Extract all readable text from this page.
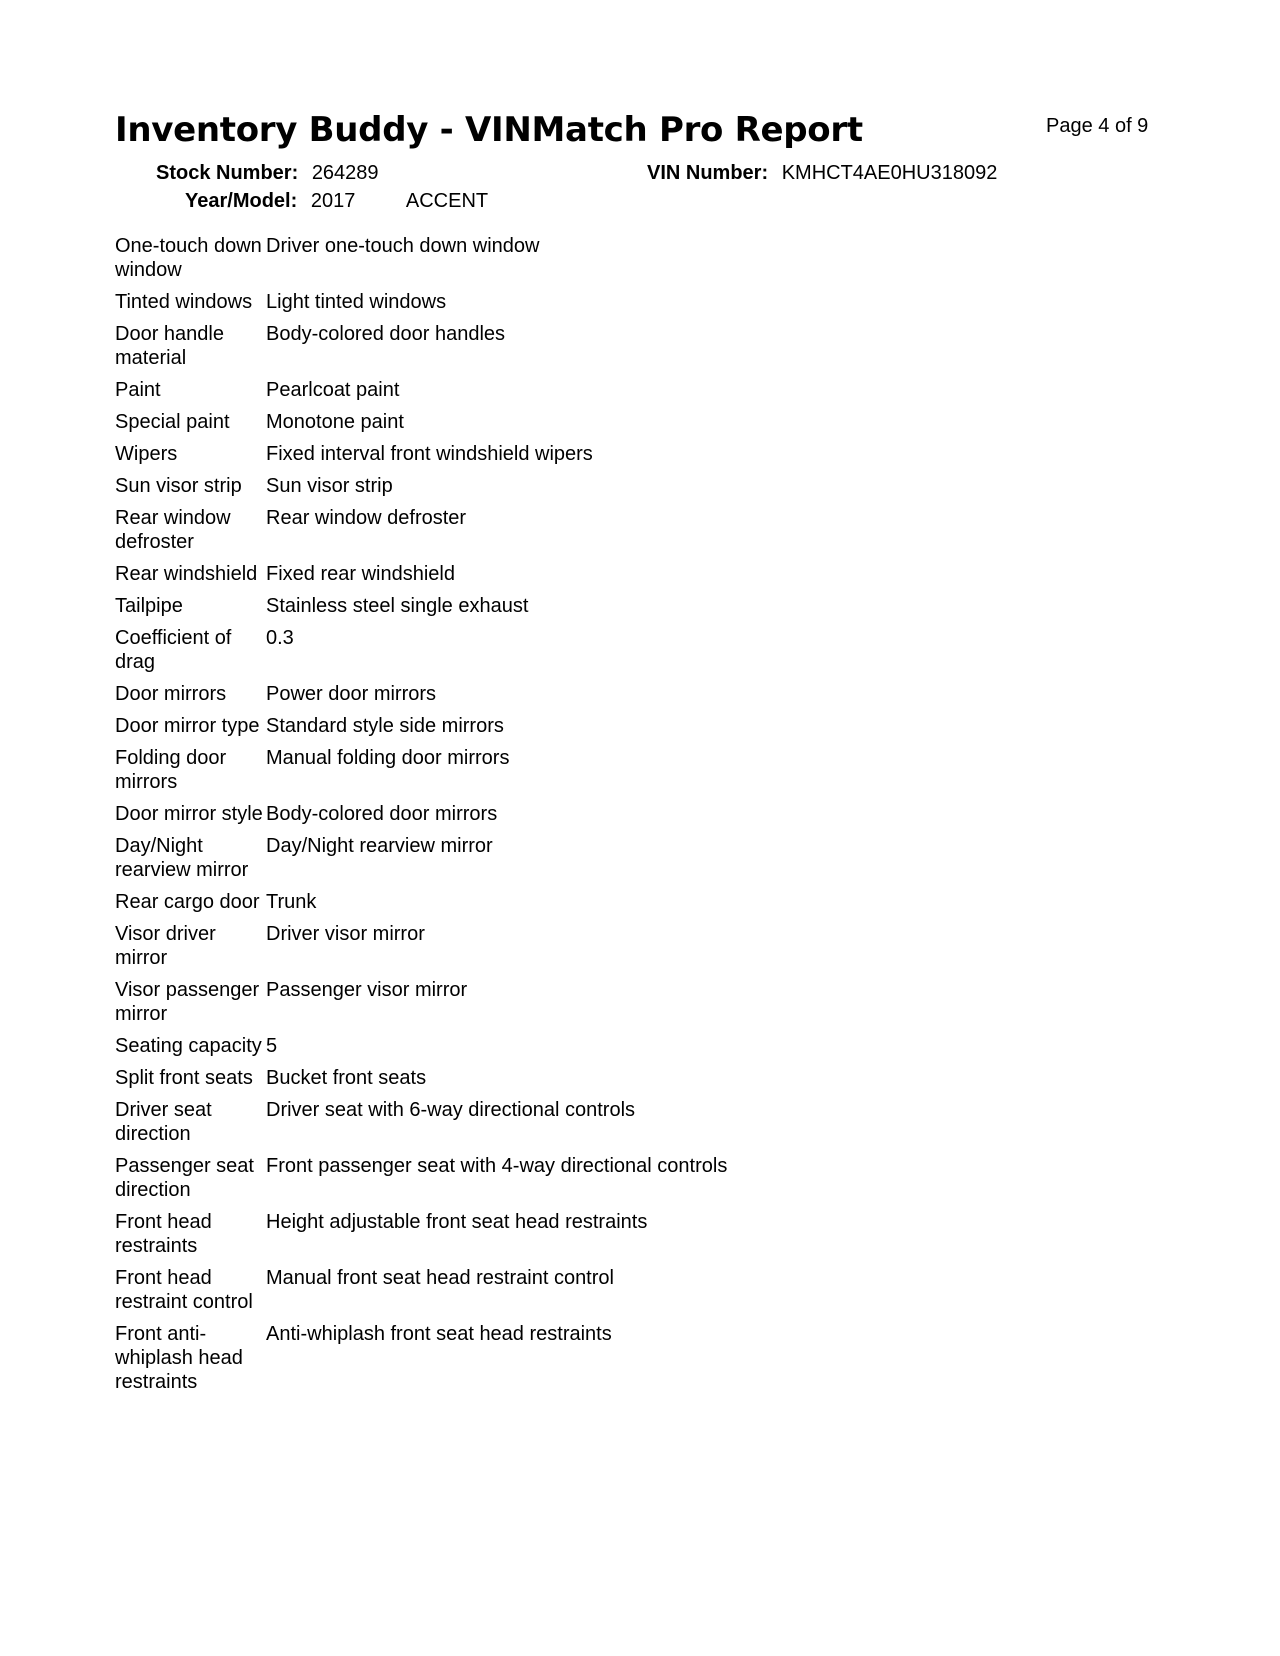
Inventory Buddy - VINMatch Pro Report	Page 4 of 9
Stock Number: 264289	VIN Number: KMHCT4AE0HU318092
Year/Model: 2017	ACCENT
One-touch down window	Driver one-touch down window
Tinted windows	Light tinted windows
Door handle material	Body-colored door handles
Paint	Pearlcoat paint
Special paint	Monotone paint
Wipers	Fixed interval front windshield wipers
Sun visor strip	Sun visor strip
Rear window defroster	Rear window defroster
Rear windshield	Fixed rear windshield
Tailpipe	Stainless steel single exhaust
Coefficient of drag	0.3
Door mirrors	Power door mirrors
Door mirror type	Standard style side mirrors
Folding door mirrors	Manual folding door mirrors
Door mirror style	Body-colored door mirrors
Day/Night rearview mirror	Day/Night rearview mirror
Rear cargo door	Trunk
Visor driver mirror	Driver visor mirror
Visor passenger mirror	Passenger visor mirror
Seating capacity	5
Split front seats	Bucket front seats
Driver seat direction	Driver seat with 6-way directional controls
Passenger seat direction	Front passenger seat with 4-way directional controls
Front head restraints	Height adjustable front seat head restraints
Front head restraint control	Manual front seat head restraint control
Front anti-whiplash head restraints	Anti-whiplash front seat head restraints
